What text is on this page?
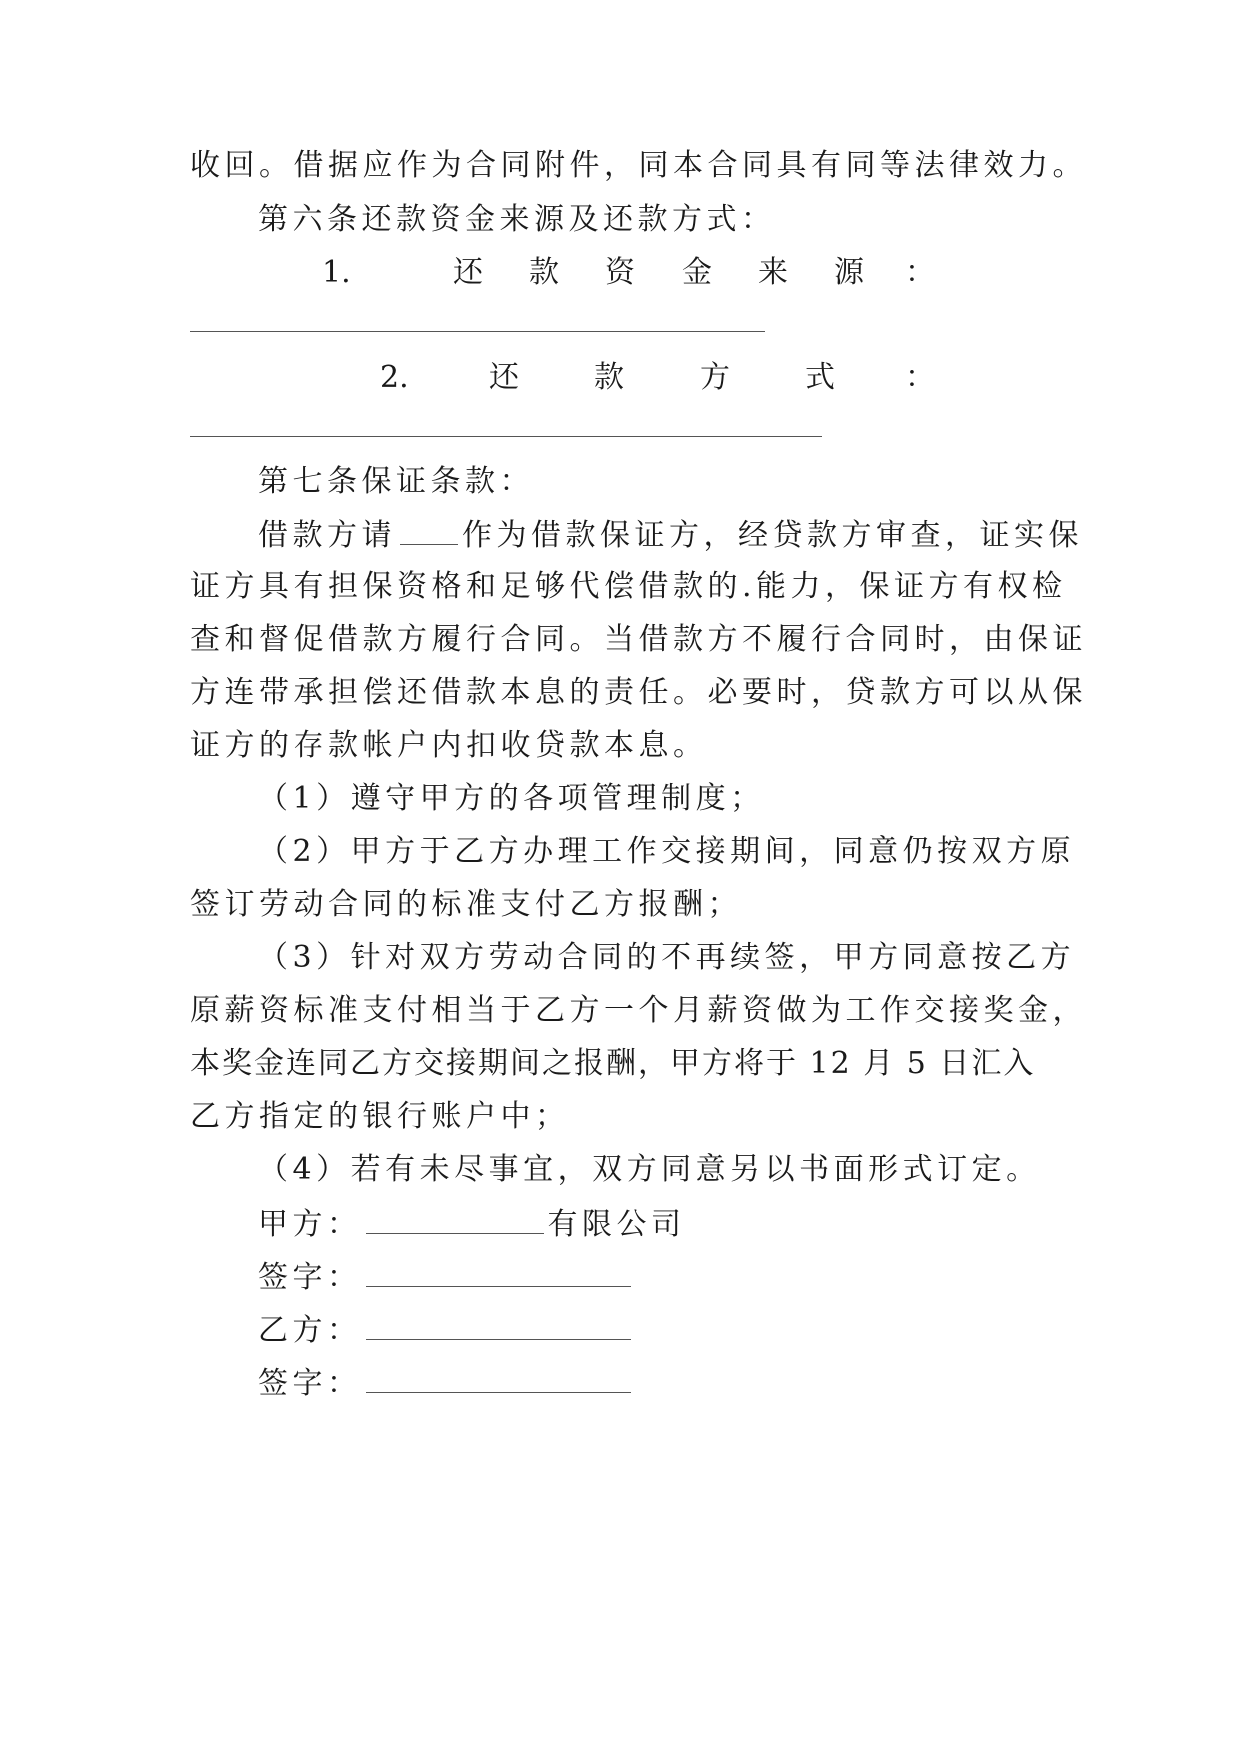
收回。借据应作为合同附件，同本合同具有同等法律效力。
第六条还款资金来源及还款方式：
1.	还 款 资 金 来 源 ：
2.	还	款	方	式 ：
第七条保证条款：
借款方请 作为借款保证方，经贷款方审查，证实保
证方具有担保资格和足够代偿借款的.能力，保证方有权检
查和督促借款方履行合同。当借款方不履行合同时，由保证
方连带承担偿还借款本息的责任。必要时，贷款方可以从保
证方的存款帐户内扣收贷款本息。
（1）遵守甲方的各项管理制度；
（2）甲方于乙方办理工作交接期间，同意仍按双方原
签订劳动合同的标准支付乙方报酬；
（3）针对双方劳动合同的不再续签，甲方同意按乙方
原薪资标准支付相当于乙方一个月薪资做为工作交接奖金，
本奖金连同乙方交接期间之报酬，甲方将于 12 月 5 日汇入
乙方指定的银行账户中；
（4）若有未尽事宜，双方同意另以书面形式订定。
甲方：	有限公司
签字：
乙方：
签字：
